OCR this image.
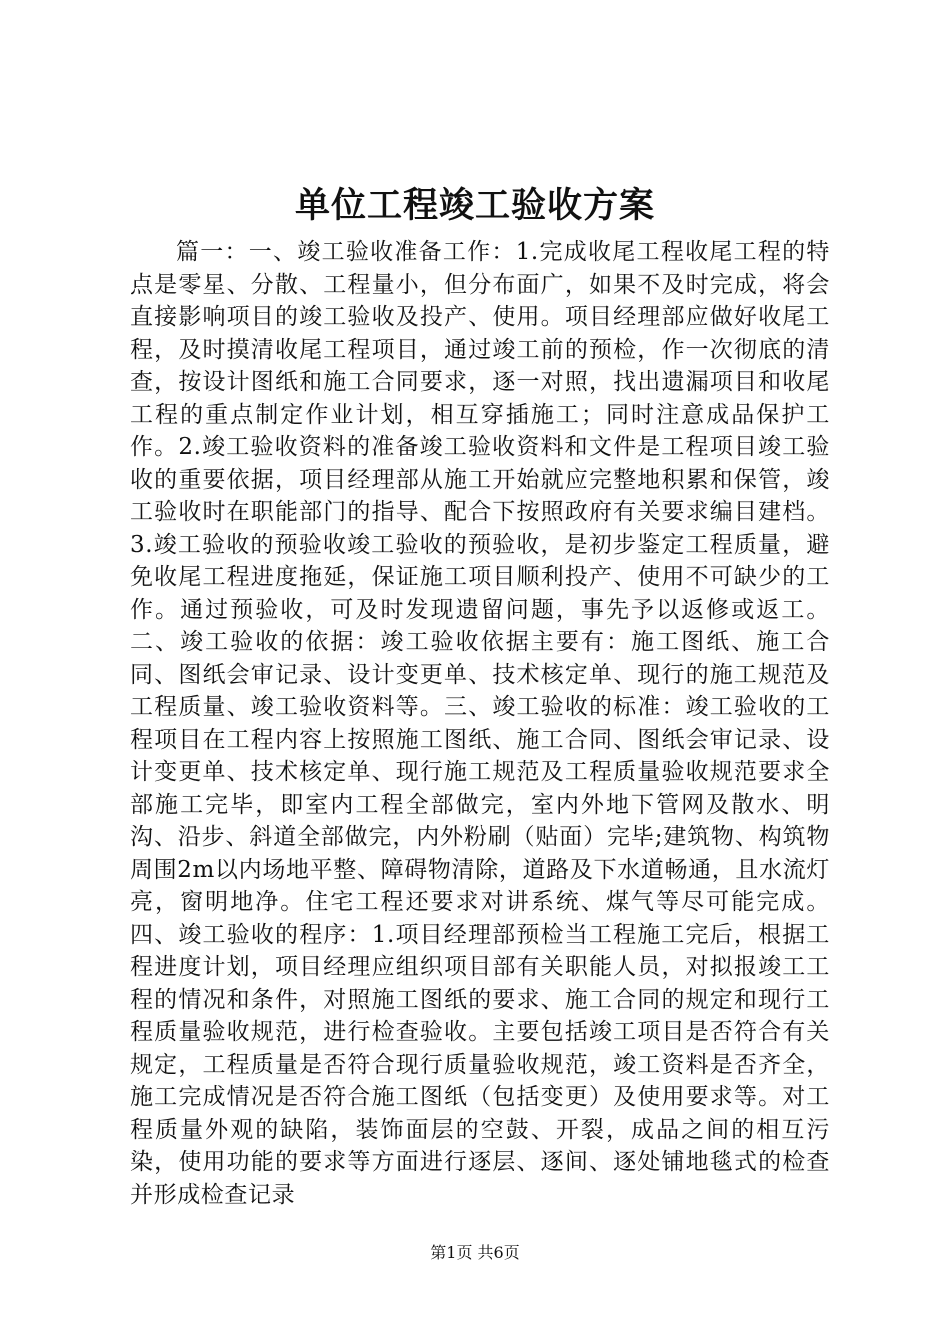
单位工程竣工验收方案

篇一：一、竣工验收准备工作：1.完成收尾工程收尾工程的特点是零星、分散、工程量小，但分布面广，如果不及时完成，将会直接影响项目的竣工验收及投产、使用。项目经理部应做好收尾工程，及时摸清收尾工程项目，通过竣工前的预检，作一次彻底的清查，按设计图纸和施工合同要求，逐一对照，找出遗漏项目和收尾工程的重点制定作业计划，相互穿插施工；同时注意成品保护工作。2.竣工验收资料的准备竣工验收资料和文件是工程项目竣工验收的重要依据，项目经理部从施工开始就应完整地积累和保管，竣工验收时在职能部门的指导、配合下按照政府有关要求编目建档。3.竣工验收的预验收竣工验收的预验收，是初步鉴定工程质量，避免收尾工程进度拖延，保证施工项目顺利投产、使用不可缺少的工作。通过预验收，可及时发现遗留问题，事先予以返修或返工。二、竣工验收的依据：竣工验收依据主要有：施工图纸、施工合同、图纸会审记录、设计变更单、技术核定单、现行的施工规范及工程质量、竣工验收资料等。三、竣工验收的标准：竣工验收的工程项目在工程内容上按照施工图纸、施工合同、图纸会审记录、设计变更单、技术核定单、现行施工规范及工程质量验收规范要求全部施工完毕，即室内工程全部做完，室内外地下管网及散水、明沟、沿步、斜道全部做完，内外粉刷（贴面）完毕;建筑物、构筑物周围2m以内场地平整、障碍物清除，道路及下水道畅通，且水流灯亮，窗明地净。住宅工程还要求对讲系统、煤气等尽可能完成。四、竣工验收的程序：1.项目经理部预检当工程施工完后，根据工程进度计划，项目经理应组织项目部有关职能人员，对拟报竣工工程的情况和条件，对照施工图纸的要求、施工合同的规定和现行工程质量验收规范，进行检查验收。主要包括竣工项目是否符合有关规定，工程质量是否符合现行质量验收规范，竣工资料是否齐全，施工完成情况是否符合施工图纸（包括变更）及使用要求等。对工程质量外观的缺陷，装饰面层的空鼓、开裂，成品之间的相互污染，使用功能的要求等方面进行逐层、逐间、逐处铺地毯式的检查并形成检查记录

第1页 共6页
